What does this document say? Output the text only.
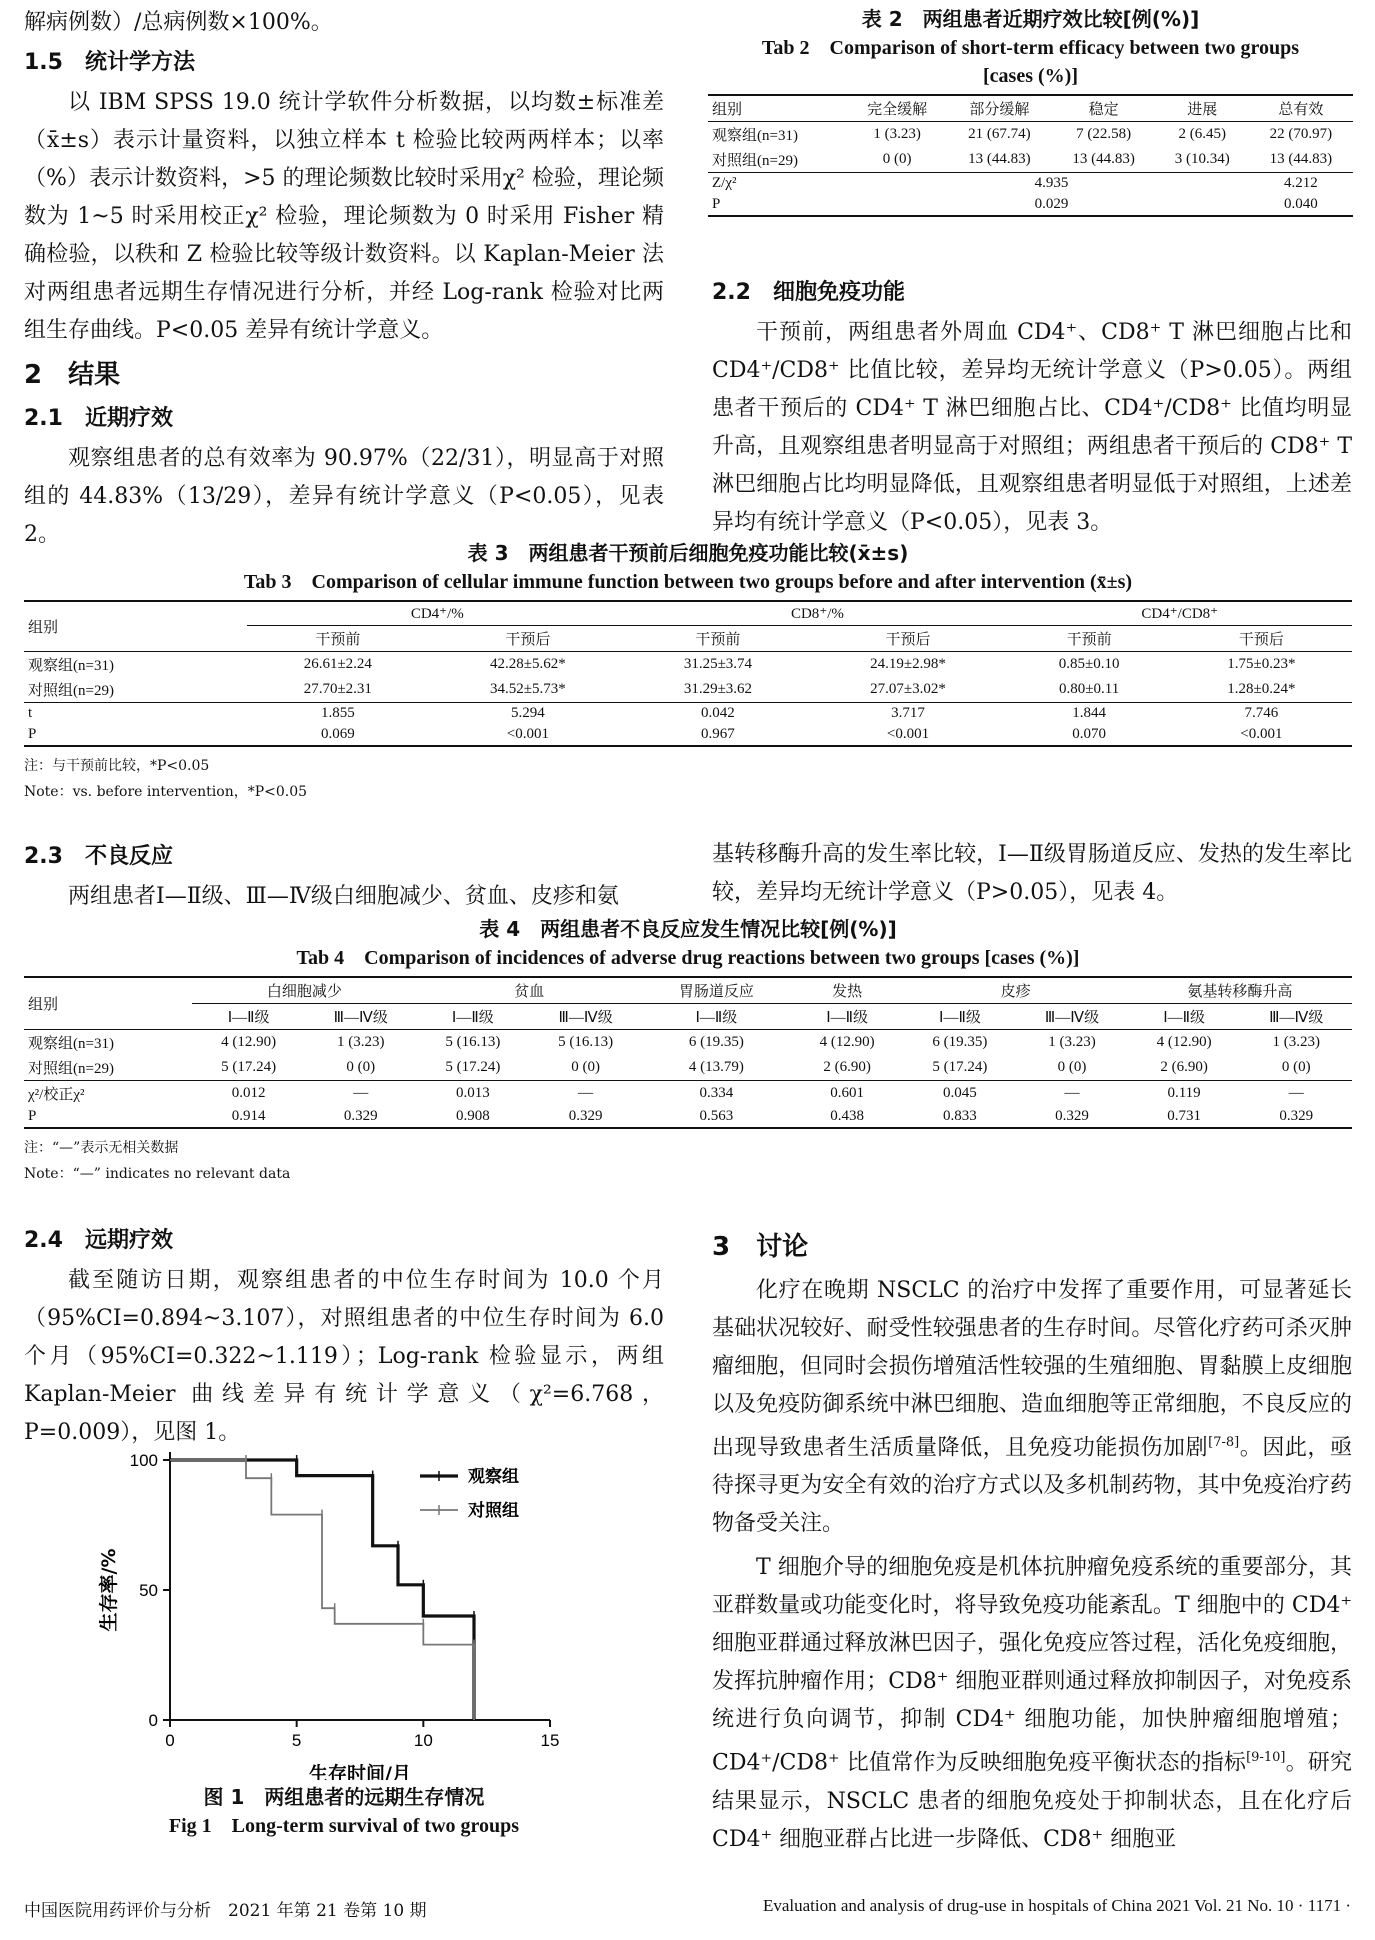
解病例数）/总病例数×100%。

1.5　统计学方法

以 IBM SPSS 19.0 统计学软件分析数据，以均数±标准差（x̄±s）表示计量资料，以独立样本 t 检验比较两两样本；以率（%）表示计数资料，>5 的理论频数比较时采用χ² 检验，理论频数为 1~5 时采用校正χ² 检验，理论频数为 0 时采用 Fisher 精确检验，以秩和 Z 检验比较等级计数资料。以 Kaplan-Meier 法对两组患者远期生存情况进行分析，并经 Log-rank 检验对比两组生存曲线。P<0.05 差异有统计学意义。

2　结果
2.1　近期疗效

观察组患者的总有效率为 90.97%（22/31），明显高于对照组的 44.83%（13/29），差异有统计学意义（P<0.05），见表 2。

表 2　两组患者近期疗效比较[例(%)]
Tab 2　Comparison of short-term efficacy between two groups [cases (%)]
组别	完全缓解	部分缓解	稳定	进展	总有效
观察组(n=31)	1 (3.23)	21 (67.74)	7 (22.58)	2 (6.45)	22 (70.97)
对照组(n=29)	0 (0)	13 (44.83)	13 (44.83)	3 (10.34)	13 (44.83)
Z/χ²		4.935			4.212
P		0.029			0.040
2.2　细胞免疫功能

干预前，两组患者外周血 CD4⁺、CD8⁺ T 淋巴细胞占比和 CD4⁺/CD8⁺ 比值比较，差异均无统计学意义（P>0.05）。两组患者干预后的 CD4⁺ T 淋巴细胞占比、CD4⁺/CD8⁺ 比值均明显升高，且观察组患者明显高于对照组；两组患者干预后的 CD8⁺ T 淋巴细胞占比均明显降低，且观察组患者明显低于对照组，上述差异均有统计学意义（P<0.05），见表 3。

表 3　两组患者干预前后细胞免疫功能比较(x̄±s)
Tab 3　Comparison of cellular immune function between two groups before and after intervention (x̄±s)
组别	CD4⁺/%		CD8⁺/%		CD4⁺/CD8⁺	
	干预前	干预后	干预前	干预后	干预前	干预后
观察组(n=31)	26.61±2.24	42.28±5.62*	31.25±3.74	24.19±2.98*	0.85±0.10	1.75±0.23*
对照组(n=29)	27.70±2.31	34.52±5.73*	31.29±3.62	27.07±3.02*	0.80±0.11	1.28±0.24*
t	1.855	5.294	0.042	3.717	1.844	7.746
P	0.069	<0.001	0.967	<0.001	0.070	<0.001
注：与干预前比较，*P<0.05
Note：vs. before intervention，*P<0.05
2.3　不良反应

两组患者Ⅰ—Ⅱ级、Ⅲ—Ⅳ级白细胞减少、贫血、皮疹和氨

基转移酶升高的发生率比较，Ⅰ—Ⅱ级胃肠道反应、发热的发生率比较，差异均无统计学意义（P>0.05），见表 4。

表 4　两组患者不良反应发生情况比较[例(%)]
Tab 4　Comparison of incidences of adverse drug reactions between two groups [cases (%)]
组别	白细胞减少		贫血		胃肠道反应	发热	皮疹		氨基转移酶升高	
	Ⅰ—Ⅱ级	Ⅲ—Ⅳ级	Ⅰ—Ⅱ级	Ⅲ—Ⅳ级	Ⅰ—Ⅱ级	Ⅰ—Ⅱ级	Ⅰ—Ⅱ级	Ⅲ—Ⅳ级	Ⅰ—Ⅱ级	Ⅲ—Ⅳ级
观察组(n=31)	4 (12.90)	1 (3.23)	5 (16.13)	5 (16.13)	6 (19.35)	4 (12.90)	6 (19.35)	1 (3.23)	4 (12.90)	1 (3.23)
对照组(n=29)	5 (17.24)	0 (0)	5 (17.24)	0 (0)	4 (13.79)	2 (6.90)	5 (17.24)	0 (0)	2 (6.90)	0 (0)
χ²/校正χ²	0.012	—	0.013	—	0.334	0.601	0.045	—	0.119	—
P	0.914	0.329	0.908	0.329	0.563	0.438	0.833	0.329	0.731	0.329
注：“—”表示无相关数据
Note：“—” indicates no relevant data
2.4　远期疗效

截至随访日期，观察组患者的中位生存时间为 10.0 个月（95%CI=0.894~3.107），对照组患者的中位生存时间为 6.0 个月（95%CI=0.322~1.119）；Log-rank 检验显示，两组 Kaplan-Meier 曲线差异有统计学意义（χ²=6.768，P=0.009），见图 1。

0	5	10	15
0
50
100
生存时间/月
生存率/%
观察组
对照组
图 1　两组患者的远期生存情况
Fig 1　Long-term survival of two groups
3　讨论

化疗在晚期 NSCLC 的治疗中发挥了重要作用，可显著延长基础状况较好、耐受性较强患者的生存时间。尽管化疗药可杀灭肿瘤细胞，但同时会损伤增殖活性较强的生殖细胞、胃黏膜上皮细胞以及免疫防御系统中淋巴细胞、造血细胞等正常细胞，不良反应的出现导致患者生活质量降低，且免疫功能损伤加剧[7-8]。因此，亟待探寻更为安全有效的治疗方式以及多机制药物，其中免疫治疗药物备受关注。

T 细胞介导的细胞免疫是机体抗肿瘤免疫系统的重要部分，其亚群数量或功能变化时，将导致免疫功能紊乱。T 细胞中的 CD4⁺ 细胞亚群通过释放淋巴因子，强化免疫应答过程，活化免疫细胞，发挥抗肿瘤作用；CD8⁺ 细胞亚群则通过释放抑制因子，对免疫系统进行负向调节，抑制 CD4⁺ 细胞功能，加快肿瘤细胞增殖；CD4⁺/CD8⁺ 比值常作为反映细胞免疫平衡状态的指标[9-10]。研究结果显示，NSCLC 患者的细胞免疫处于抑制状态，且在化疗后 CD4⁺ 细胞亚群占比进一步降低、CD8⁺ 细胞亚

中国医院用药评价与分析　2021 年第 21 卷第 10 期	Evaluation and analysis of drug-use in hospitals of China 2021 Vol. 21 No. 10 · 1171 ·
